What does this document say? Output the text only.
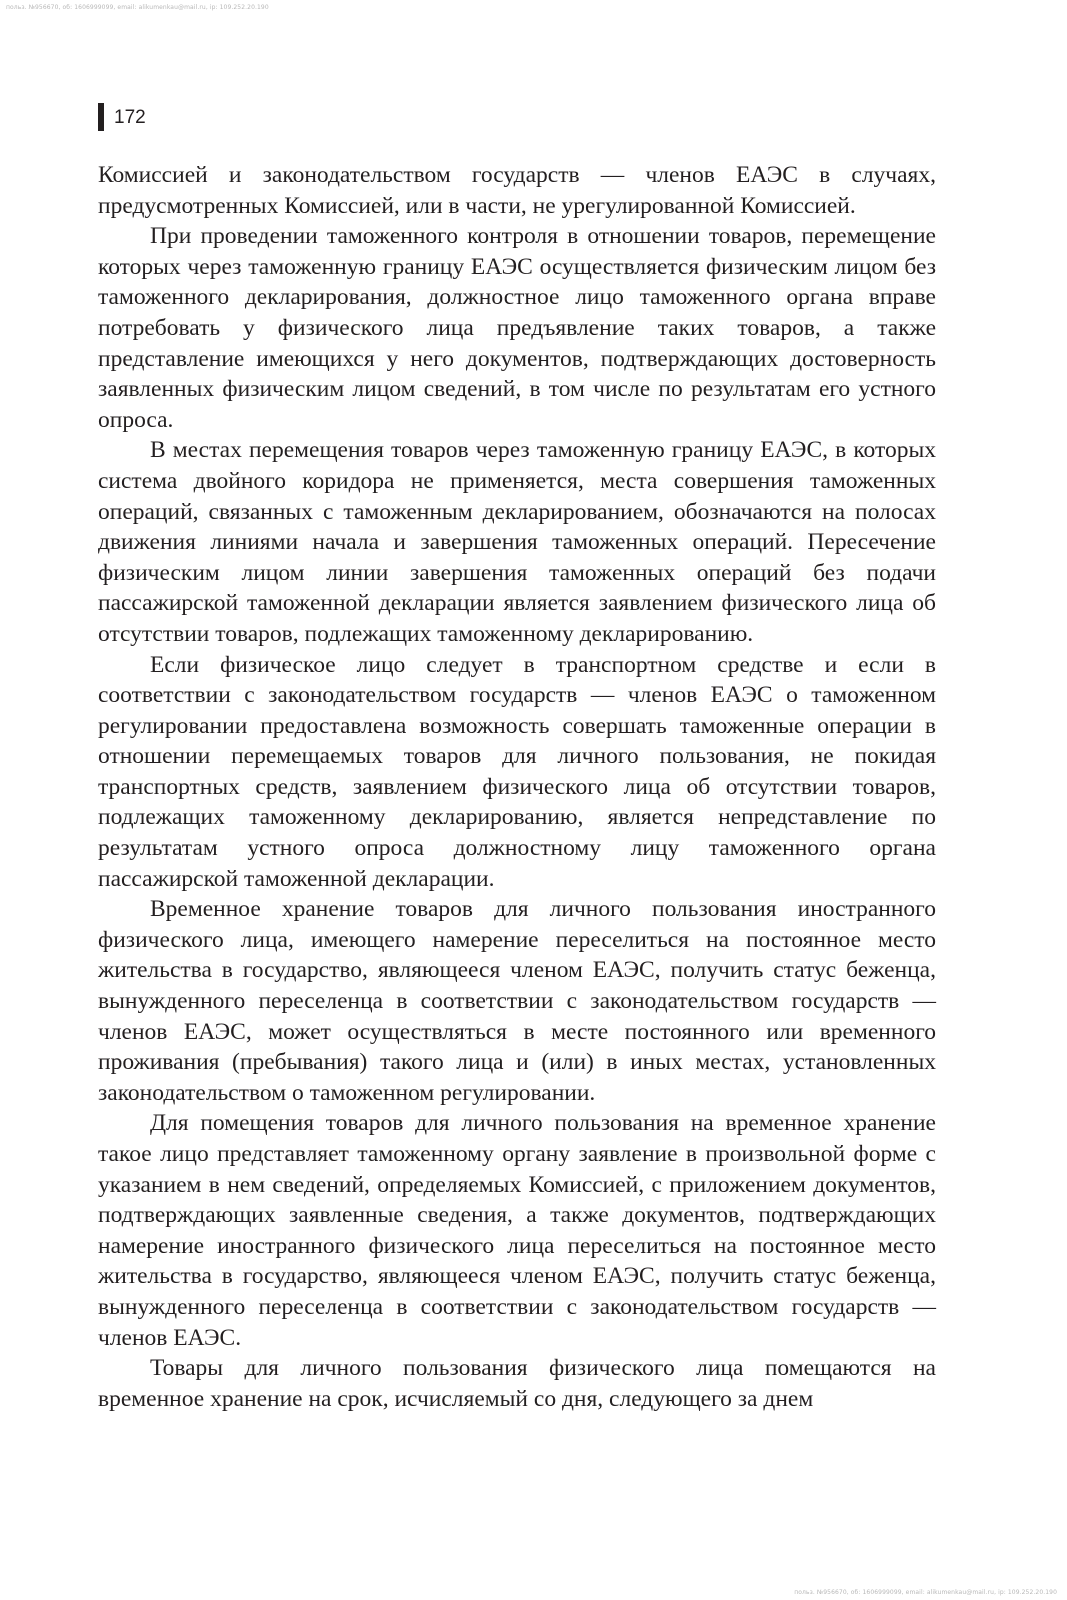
польз. №956670, об: 1606999099, email: alikumenkau@mail.ru, ip: 109.252.20.190
172

Комиссией и законодательством государств — членов ЕАЭС в случаях, предусмотренных Комиссией, или в части, не урегулированной Комиссией.

При проведении таможенного контроля в отношении товаров, перемещение которых через таможенную границу ЕАЭС осуществляется физическим лицом без таможенного декларирования, должностное лицо таможенного органа вправе потребовать у физического лица предъявление таких товаров, а также представление имеющихся у него документов, подтверждающих достоверность заявленных физическим лицом сведений, в том числе по результатам его устного опроса.

В местах перемещения товаров через таможенную границу ЕАЭС, в которых система двойного коридора не применяется, места совершения таможенных операций, связанных с таможенным декларированием, обозначаются на полосах движения линиями начала и завершения таможенных операций. Пересечение физическим лицом линии завершения таможенных операций без подачи пассажирской таможенной декларации является заявлением физического лица об отсутствии товаров, подлежащих таможенному декларированию.

Если физическое лицо следует в транспортном средстве и если в соответствии с законодательством государств — членов ЕАЭС о таможенном регулировании предоставлена возможность совершать таможенные операции в отношении перемещаемых товаров для личного пользования, не покидая транспортных средств, заявлением физического лица об отсутствии товаров, подлежащих таможенному декларированию, является непредставление по результатам устного опроса должностному лицу таможенного органа пассажирской таможенной декларации.

Временное хранение товаров для личного пользования иностранного физического лица, имеющего намерение переселиться на постоянное место жительства в государство, являющееся членом ЕАЭС, получить статус беженца, вынужденного переселенца в соответствии с законодательством государств — членов ЕАЭС, может осуществляться в месте постоянного или временного проживания (пребывания) такого лица и (или) в иных местах, установленных законодательством о таможенном регулировании.

Для помещения товаров для личного пользования на временное хранение такое лицо представляет таможенному органу заявление в произвольной форме с указанием в нем сведений, определяемых Комиссией, с приложением документов, подтверждающих заявленные сведения, а также документов, подтверждающих намерение иностранного физического лица переселиться на постоянное место жительства в государство, являющееся членом ЕАЭС, получить статус беженца, вынужденного переселенца в соответствии с законодательством государств — членов ЕАЭС.

Товары для личного пользования физического лица помещаются на временное хранение на срок, исчисляемый со дня, следующего за днем

польз. №956670, об: 1606999099, email: alikumenkau@mail.ru, ip: 109.252.20.190
